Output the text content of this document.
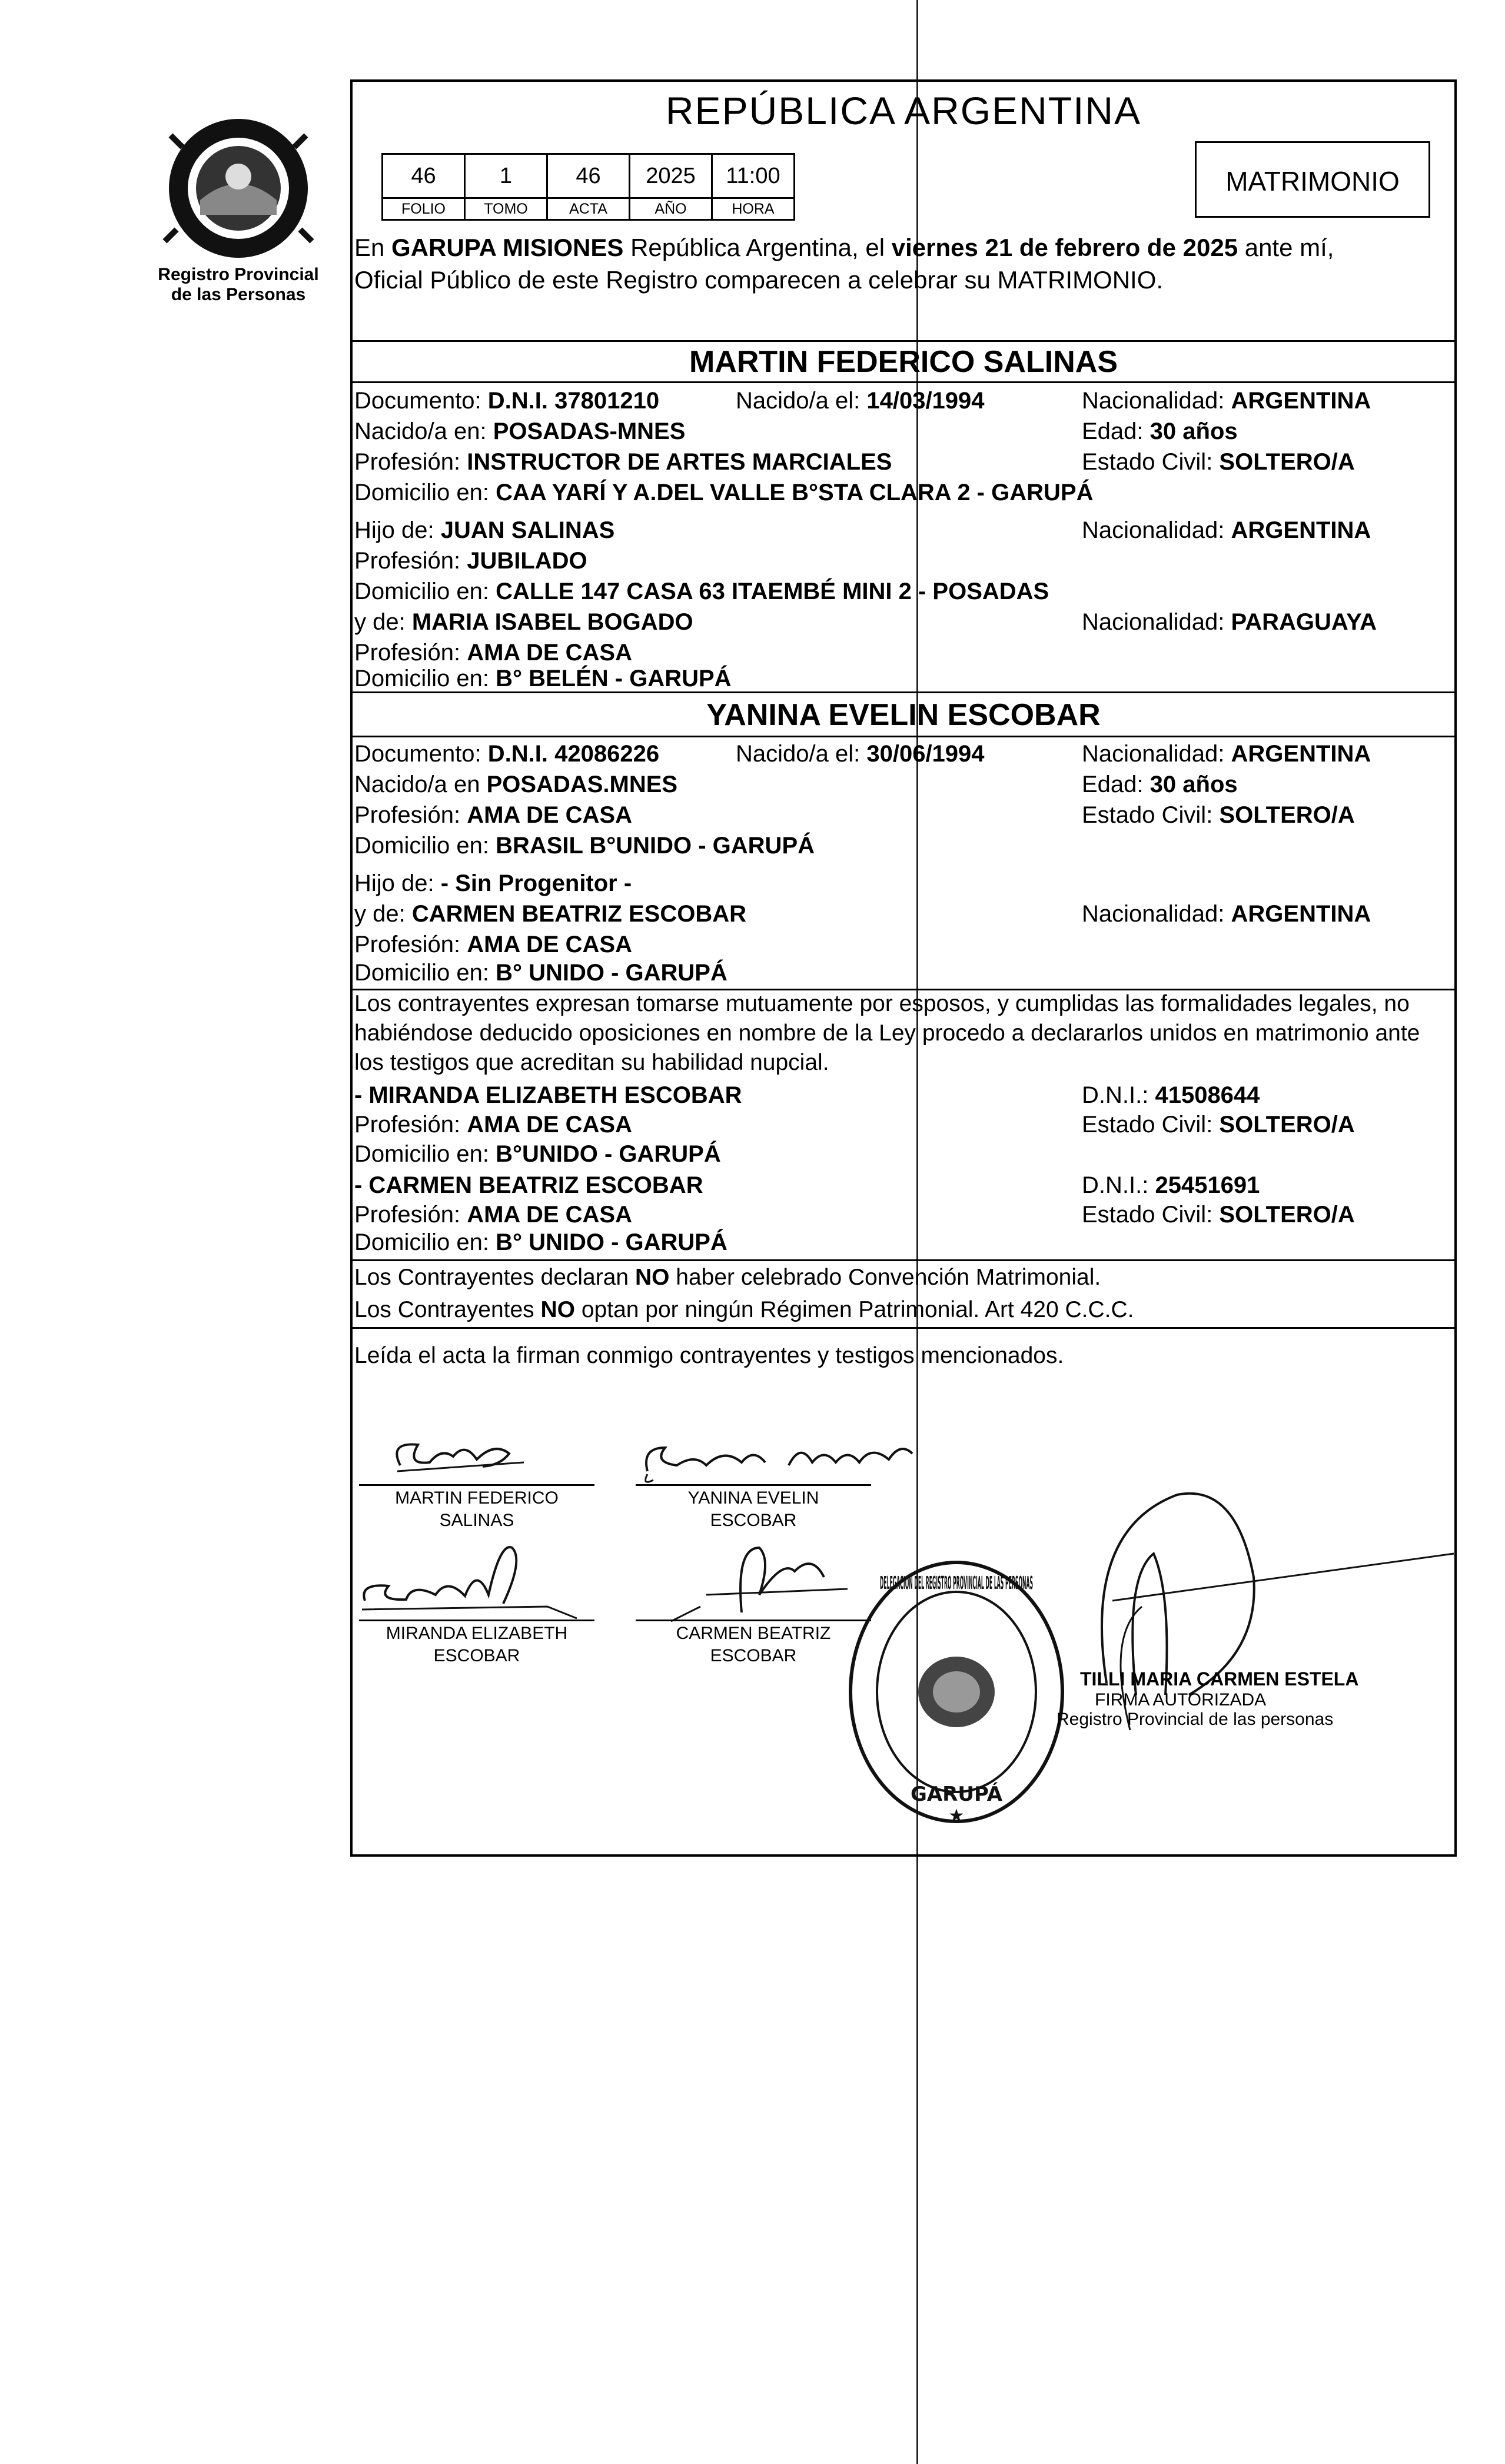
Registro Provincial
de las Personas
REPÚBLICA ARGENTINA
46	1	46	2025	11:00
FOLIO	TOMO	ACTA	AÑO	HORA
MATRIMONIO
En GARUPA MISIONES República Argentina, el viernes 21 de febrero de 2025 ante mí,
Oficial Público de este Registro comparecen a celebrar su MATRIMONIO.
MARTIN FEDERICO SALINAS
Documento: D.N.I. 37801210	Nacido/a el: 14/03/1994	Nacionalidad: ARGENTINA
Nacido/a en: POSADAS-MNES	Edad: 30 años
Profesión: INSTRUCTOR DE ARTES MARCIALES	Estado Civil: SOLTERO/A
Domicilio en: CAA YARÍ Y A.DEL VALLE B°STA CLARA 2 - GARUPÁ
Hijo de: JUAN SALINAS	Nacionalidad: ARGENTINA
Profesión: JUBILADO
Domicilio en: CALLE 147 CASA 63 ITAEMBÉ MINI 2 - POSADAS
y de: MARIA ISABEL BOGADO	Nacionalidad: PARAGUAYA
Profesión: AMA DE CASA
Domicilio en: B° BELÉN - GARUPÁ
YANINA EVELIN ESCOBAR
Documento: D.N.I. 42086226	Nacido/a el: 30/06/1994	Nacionalidad: ARGENTINA
Nacido/a en POSADAS.MNES	Edad: 30 años
Profesión: AMA DE CASA	Estado Civil: SOLTERO/A
Domicilio en: BRASIL B°UNIDO - GARUPÁ
Hijo de: - Sin Progenitor -
y de: CARMEN BEATRIZ ESCOBAR	Nacionalidad: ARGENTINA
Profesión: AMA DE CASA
Domicilio en: B° UNIDO - GARUPÁ
Los contrayentes expresan tomarse mutuamente por esposos, y cumplidas las formalidades legales, no
habiéndose deducido oposiciones en nombre de la Ley procedo a declararlos unidos en matrimonio ante
los testigos que acreditan su habilidad nupcial.
- MIRANDA ELIZABETH ESCOBAR	D.N.I.: 41508644
Profesión: AMA DE CASA	Estado Civil: SOLTERO/A
Domicilio en: B°UNIDO - GARUPÁ
- CARMEN BEATRIZ ESCOBAR	D.N.I.: 25451691
Profesión: AMA DE CASA	Estado Civil: SOLTERO/A
Domicilio en: B° UNIDO - GARUPÁ
Los Contrayentes declaran NO haber celebrado Convención Matrimonial.
Los Contrayentes NO optan por ningún Régimen Patrimonial. Art 420 C.C.C.
Leída el acta la firman conmigo contrayentes y testigos mencionados.
MARTIN FEDERICO
SALINAS
YANINA EVELIN
ESCOBAR
MIRANDA ELIZABETH
ESCOBAR
CARMEN BEATRIZ
ESCOBAR
DELEGACION DEL REGISTRO PROVINCIAL DE LAS PERSONAS
GARUPÁ
★
TILLI MARIA CARMEN ESTELA
FIRMA AUTORIZADA
Registro Provincial de las personas
